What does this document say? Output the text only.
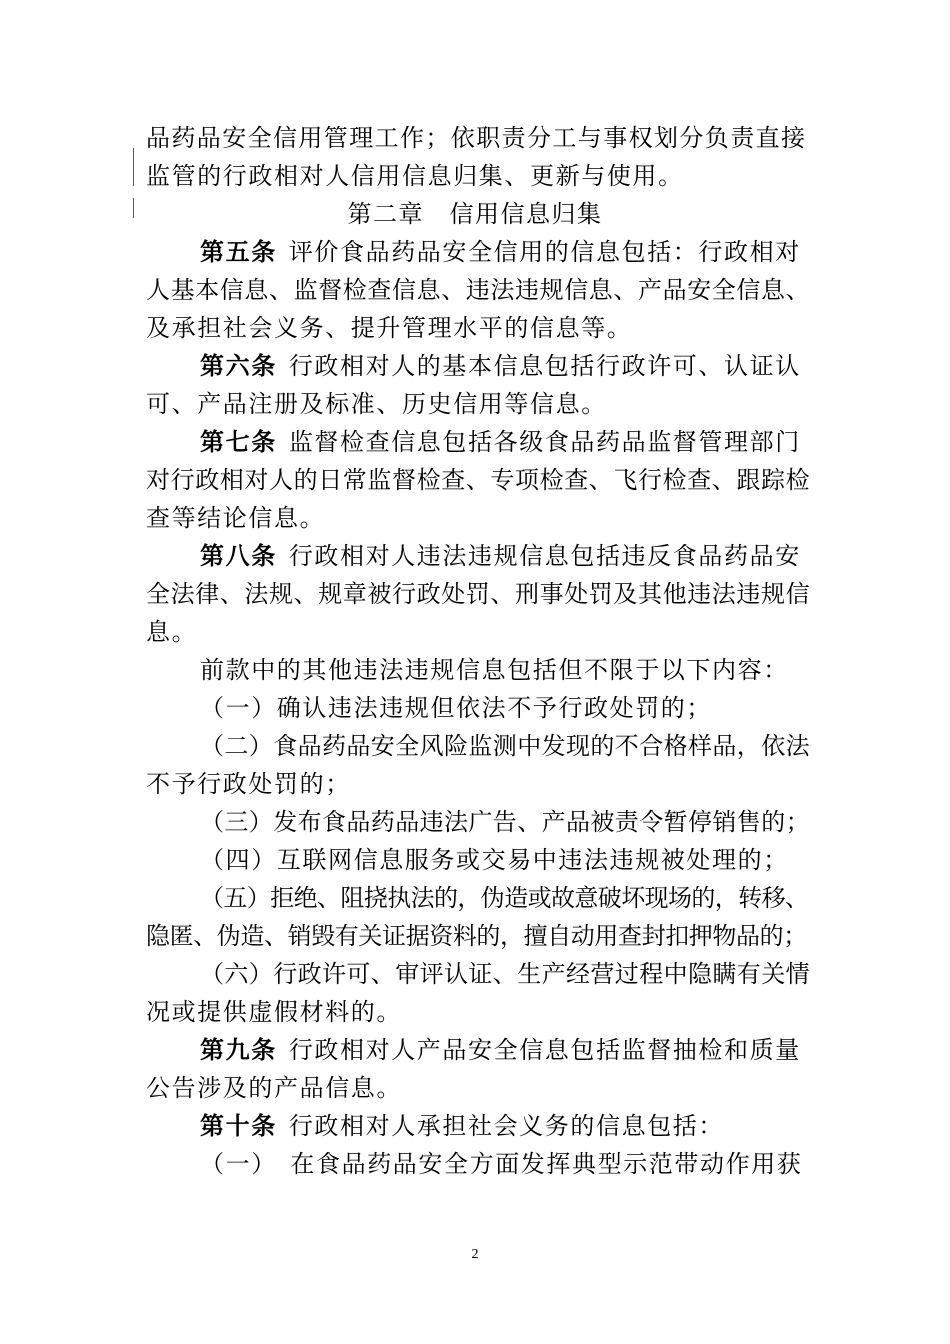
品药品安全信用管理工作；依职责分工与事权划分负责直接
监管的行政相对人信用信息归集、更新与使用。
第二章　信用信息归集
第五条 评价食品药品安全信用的信息包括：行政相对
人基本信息、监督检查信息、违法违规信息、产品安全信息、
及承担社会义务、提升管理水平的信息等。
第六条 行政相对人的基本信息包括行政许可、认证认
可、产品注册及标准、历史信用等信息。
第七条 监督检查信息包括各级食品药品监督管理部门
对行政相对人的日常监督检查、专项检查、飞行检查、跟踪检
查等结论信息。
第八条 行政相对人违法违规信息包括违反食品药品安
全法律、法规、规章被行政处罚、刑事处罚及其他违法违规信
息。
前款中的其他违法违规信息包括但不限于以下内容：
（一）确认违法违规但依法不予行政处罚的；
（二）食品药品安全风险监测中发现的不合格样品，依法
不予行政处罚的；
（三）发布食品药品违法广告、产品被责令暂停销售的；
（四）互联网信息服务或交易中违法违规被处理的；
（五）拒绝、阻挠执法的，伪造或故意破坏现场的，转移、
隐匿、伪造、销毁有关证据资料的，擅自动用查封扣押物品的；
（六）行政许可、审评认证、生产经营过程中隐瞒有关情
况或提供虚假材料的。
第九条 行政相对人产品安全信息包括监督抽检和质量
公告涉及的产品信息。
第十条 行政相对人承担社会义务的信息包括：
（一）　在食品药品安全方面发挥典型示范带动作用获
2
